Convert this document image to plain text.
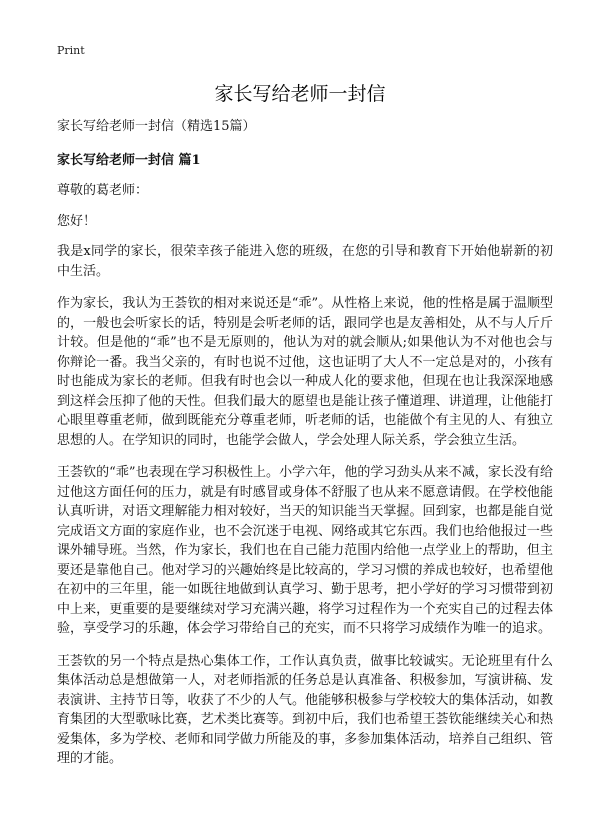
Print
家长写给老师一封信

家长写给老师一封信（精选15篇）

家长写给老师一封信 篇1

尊敬的葛老师：

您好！

我是x同学的家长，很荣幸孩子能进入您的班级，在您的引导和教育下开始他崭新的初中生活。

作为家长，我认为王荟钦的相对来说还是“乖”。从性格上来说，他的性格是属于温顺型的，一般也会听家长的话，特别是会听老师的话，跟同学也是友善相处，从不与人斤斤计较。但是他的“乖”也不是无原则的，他认为对的就会顺从;如果他认为不对他也会与你辩论一番。我当父亲的，有时也说不过他，这也证明了大人不一定总是对的，小孩有时也能成为家长的老师。但我有时也会以一种成人化的要求他，但现在也让我深深地感到这样会压抑了他的天性。但我们最大的愿望也是能让孩子懂道理、讲道理，让他能打心眼里尊重老师，做到既能充分尊重老师，听老师的话，也能做个有主见的人、有独立思想的人。在学知识的同时，也能学会做人，学会处理人际关系，学会独立生活。

王荟钦的“乖”也表现在学习积极性上。小学六年，他的学习劲头从来不减，家长没有给过他这方面任何的压力，就是有时感冒或身体不舒服了也从来不愿意请假。在学校他能认真听讲，对语文理解能力相对较好，当天的知识能当天掌握。回到家，也都是能自觉完成语文方面的家庭作业，也不会沉迷于电视、网络或其它东西。我们也给他报过一些课外辅导班。当然，作为家长，我们也在自己能力范围内给他一点学业上的帮助，但主要还是靠他自己。他对学习的兴趣始终是比较高的，学习习惯的养成也较好，也希望他在初中的三年里，能一如既往地做到认真学习、勤于思考，把小学好的学习习惯带到初中上来，更重要的是要继续对学习充满兴趣，将学习过程作为一个充实自己的过程去体验，享受学习的乐趣，体会学习带给自己的充实，而不只将学习成绩作为唯一的追求。

王荟钦的另一个特点是热心集体工作，工作认真负责，做事比较诚实。无论班里有什么集体活动总是想做第一人，对老师指派的任务总是认真准备、积极参加，写演讲稿、发表演讲、主持节日等，收获了不少的人气。他能够积极参与学校较大的集体活动，如教育集团的大型歌咏比赛，艺术类比赛等。到初中后，我们也希望王荟钦能继续关心和热爱集体，多为学校、老师和同学做力所能及的事，多参加集体活动，培养自己组织、管理的才能。
